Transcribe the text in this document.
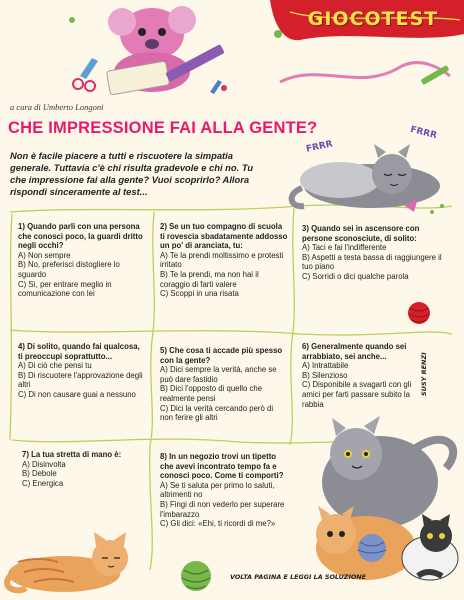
GIOCOTEST
a cura di Umberto Longoni
CHE IMPRESSIONE FAI ALLA GENTE?
Non è facile piacere a tutti e riscuotere la simpatia generale. Tuttavia c'è chi risulta gradevole e chi no. Tu che impressione fai alla gente? Vuoi scoprirlo? Allora rispondi sinceramente al test...
FRRR
FRRR
1) Quando parli con una persona che conosci poco, la guardi dritto negli occhi?
A) Non sempre
B) No, preferisci distogliere lo sguardo
C) Sì, per entrare meglio in comunicazione con lei
2) Se un tuo compagno di scuola ti rovescia sbadatamente addosso un po' di aranciata, tu:
A) Te la prendi moltissimo e protesti irritato
B) Te la prendi, ma non hai il coraggio di farti valere
C) Scoppi in una risata
3) Quando sei in ascensore con persone sconosciute, di solito:
A) Taci e fai l'indifferente
B) Aspetti a testa bassa di raggiungere il tuo piano
C) Sorridi o dici qualche parola
4) Di solito, quando fai qualcosa, ti preoccupi soprattutto...
A) Di ciò che pensi tu
B) Di riscuotere l'approvazione degli altri
C) Di non causare guai a nessuno
5) Che cosa ti accade più spesso con la gente?
A) Dici sempre la verità, anche se può dare fastidio
B) Dici l'opposto di quello che realmente pensi
C) Dici la verità cercando però di non ferire gli altri
6) Generalmente quando sei arrabbiato, sei anche...
A) Intrattabile
B) Silenzioso
C) Disponibile a svagarti con gli amici per farti passare subito la rabbia
SUSY RENZI
7) La tua stretta di mano è:
A) Disinvolta
B) Debole
C) Energica
8) In un negozio trovi un tipetto che avevi incontrato tempo fa e conosci poco. Come ti comporti?
A) Se ti saluta per primo lo saluti, altrimenti no
B) Fingi di non vederlo per superare l'imbarazzo
C) Gli dici: «Ehi, ti ricordi di me?»
VOLTA PAGINA E LEGGI LA SOLUZIONE
